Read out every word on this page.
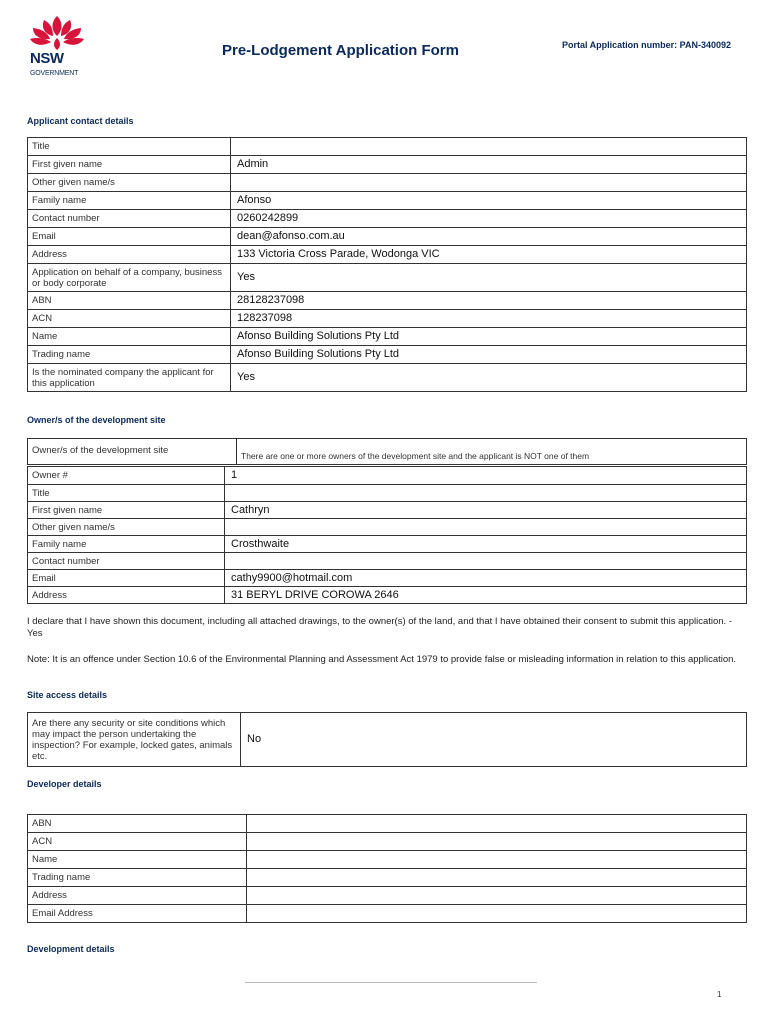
NSW
GOVERNMENT
Pre-Lodgement Application Form	Portal Application number: PAN-340092
Applicant contact details
Title	
First given name	Admin
Other given name/s	
Family name	Afonso
Contact number	0260242899
Email	dean@afonso.com.au
Address	133 Victoria Cross Parade, Wodonga VIC
Application on behalf of a company, business or body corporate	Yes
ABN	28128237098
ACN	128237098
Name	Afonso Building Solutions Pty Ltd
Trading name	Afonso Building Solutions Pty Ltd
Is the nominated company the applicant for this application	Yes
Owner/s of the development site
Owner/s of the development site	There are one or more owners of the development site and the applicant is NOT one of them
Owner #	1
Title	
First given name	Cathryn
Other given name/s	
Family name	Crosthwaite
Contact number	
Email	cathy9900@hotmail.com
Address	31 BERYL DRIVE COROWA 2646
I declare that I have shown this document, including all attached drawings, to the owner(s) of the land, and that I have obtained their consent to submit this application. - Yes
Note: It is an offence under Section 10.6 of the Environmental Planning and Assessment Act 1979 to provide false or misleading information in relation to this application.
Site access details
Are there any security or site conditions which may impact the person undertaking the inspection? For example, locked gates, animals etc.	No
Developer details
ABN	
ACN	
Name	
Trading name	
Address	
Email Address	
Development details
1
